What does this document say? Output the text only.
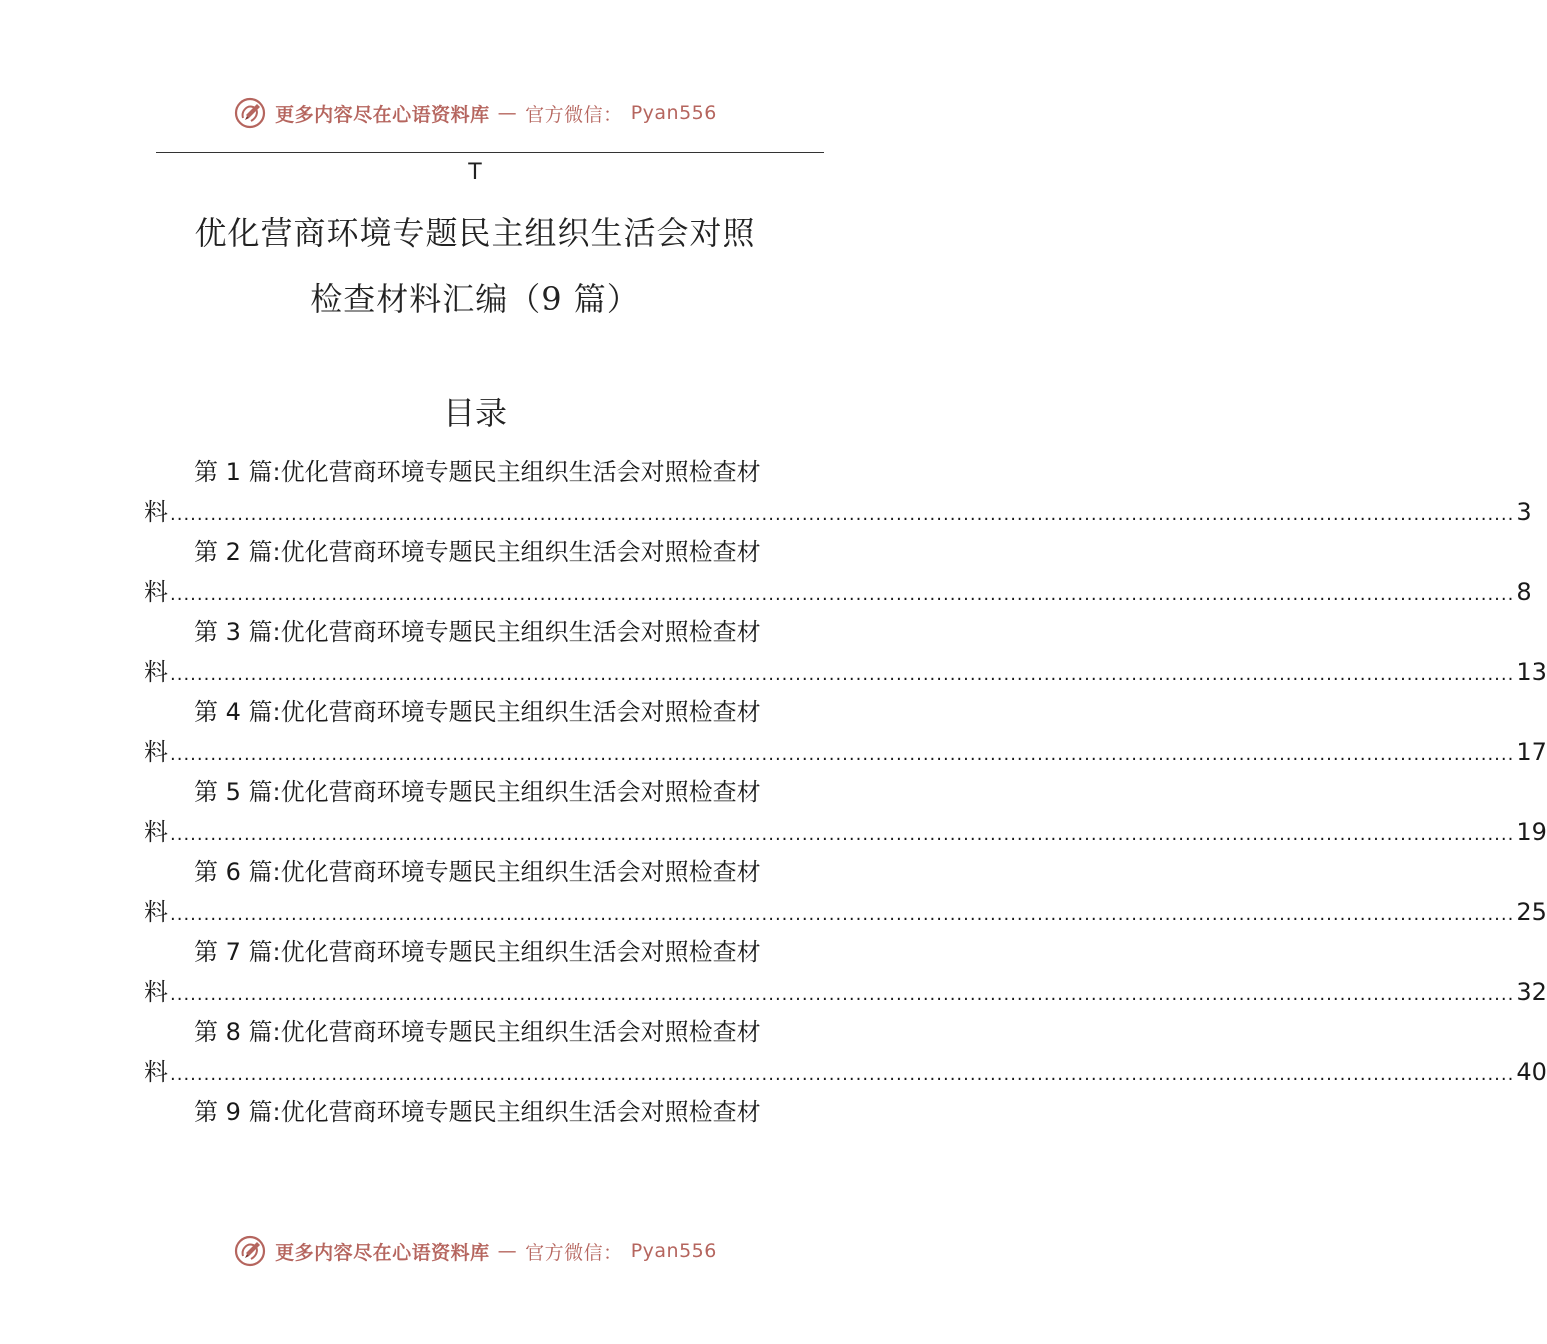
更多内容尽在心语资料库 — 官方微信： Pyan556
T
优化营商环境专题民主组织生活会对照
检查材料汇编（9 篇）
目录
第 1 篇:优化营商环境专题民主组织生活会对照检查材
料 ........................................................................................................................................................................................................ 3
第 2 篇:优化营商环境专题民主组织生活会对照检查材
料 ........................................................................................................................................................................................................ 8
第 3 篇:优化营商环境专题民主组织生活会对照检查材
料 ........................................................................................................................................................................................................ 13
第 4 篇:优化营商环境专题民主组织生活会对照检查材
料 ........................................................................................................................................................................................................ 17
第 5 篇:优化营商环境专题民主组织生活会对照检查材
料 ........................................................................................................................................................................................................ 19
第 6 篇:优化营商环境专题民主组织生活会对照检查材
料 ........................................................................................................................................................................................................ 25
第 7 篇:优化营商环境专题民主组织生活会对照检查材
料 ........................................................................................................................................................................................................ 32
第 8 篇:优化营商环境专题民主组织生活会对照检查材
料 ........................................................................................................................................................................................................ 40
第 9 篇:优化营商环境专题民主组织生活会对照检查材
更多内容尽在心语资料库 — 官方微信： Pyan556
